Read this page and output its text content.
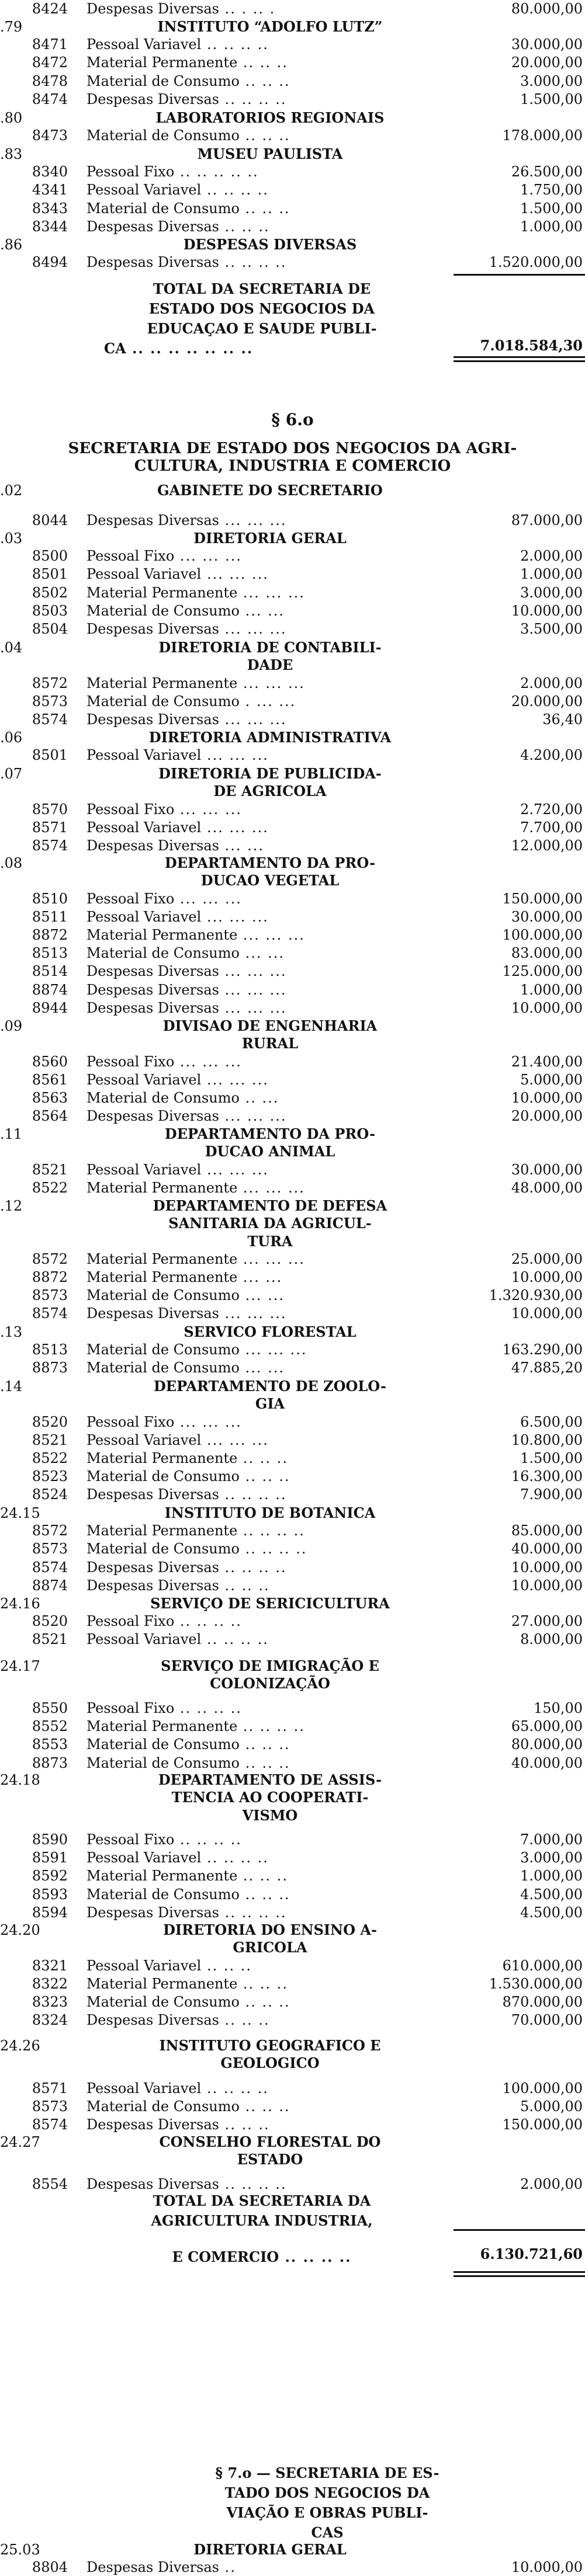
8424 Despesas Diversas .. . .. .	80.000,00
.79	INSTITUTO “ADOLFO LUTZ”
8471 Pessoal Variavel .. .. .. ..	30.000,00
8472 Material Permanente .. .. ..	20.000,00
8478 Material de Consumo .. .. ..	3.000,00
8474 Despesas Diversas .. .. .. ..	1.500,00
.80	LABORATORIOS REGIONAIS
8473 Material de Consumo .. .. ..	178.000,00
.83	MUSEU PAULISTA
8340 Pessoal Fixo .. .. .. .. ..	26.500,00
4341 Pessoal Variavel .. .. .. ..	1.750,00
8343 Material de Consumo .. .. ..	1.500,00
8344 Despesas Diversas .. .. ..	1.000,00
.86	DESPESAS DIVERSAS
8494 Despesas Diversas .. .. .. ..	1.520.000,00
TOTAL DA SECRETARIA DE
ESTADO DOS NEGOCIOS DA
EDUCAÇAO E SAUDE PUBLI-
CA .. .. .. .. .. .. ..	7.018.584,30
§ 6.o
SECRETARIA DE ESTADO DOS NEGOCIOS DA AGRI-
CULTURA, INDUSTRIA E COMERCIO
.02	GABINETE DO SECRETARIO
8044 Despesas Diversas ... ... ...	87.000,00
.03	DIRETORIA GERAL
8500 Pessoal Fixo ... ... ...	2.000,00
8501 Pessoal Variavel ... ... ...	1.000,00
8502 Material Permanente ... ... ...	3.000,00
8503 Material de Consumo ... ...	10.000,00
8504 Despesas Diversas ... ... ...	3.500,00
.04	DIRETORIA DE CONTABILI-
DADE
8572 Material Permanente ... ... ...	2.000,00
8573 Material de Consumo . ... ...	20.000,00
8574 Despesas Diversas ... ... ...	36,40
.06	DIRETORIA ADMINISTRATIVA
8501 Pessoal Variavel ... ... ...	4.200,00
.07	DIRETORIA DE PUBLICIDA-
DE AGRICOLA
8570 Pessoal Fixo ... ... ...	2.720,00
8571 Pessoal Variavel ... ... ...	7.700,00
8574 Despesas Diversas ... ...	12.000,00
.08	DEPARTAMENTO DA PRO-
DUCAO VEGETAL
8510 Pessoal Fixo ... ... ...	150.000,00
8511 Pessoal Variavel ... ... ...	30.000,00
8872 Material Permanente ... ... ...	100.000,00
8513 Material de Consumo ... ...	83.000,00
8514 Despesas Diversas ... ... ...	125.000,00
8874 Despesas Diversas ... ... ...	1.000,00
8944 Despesas Diversas ... ... ...	10.000,00
.09	DIVISAO DE ENGENHARIA
RURAL
8560 Pessoal Fixo ... ... ...	21.400,00
8561 Pessoal Variavel ... ... ...	5.000,00
8563 Material de Consumo .. ...	10.000,00
8564 Despesas Diversas ... ... ...	20.000,00
.11	DEPARTAMENTO DA PRO-
DUCAO ANIMAL
8521 Pessoal Variavel ... ... ...	30.000,00
8522 Material Permanente ... ... ...	48.000,00
.12	DEPARTAMENTO DE DEFESA
SANITARIA DA AGRICUL-
TURA
8572 Material Permanente ... ... ...	25.000,00
8872 Material Permanente ... ...	10.000,00
8573 Material de Consumo ... ...	1.320.930,00
8574 Despesas Diversas ... ... ...	10.000,00
.13	SERVICO FLORESTAL
8513 Material de Consumo ... ... ...	163.290,00
8873 Material de Consumo ... ...	47.885,20
.14	DEPARTAMENTO DE ZOOLO-
GIA
8520 Pessoal Fixo ... ... ...	6.500,00
8521 Pessoal Variavel ... ... ...	10.800,00
8522 Material Permanente .. .. ..	1.500,00
8523 Material de Consumo .. .. ..	16.300,00
8524 Despesas Diversas .. .. .. ..	7.900,00
24.15	INSTITUTO DE BOTANICA
8572 Material Permanente .. .. .. ..	85.000,00
8573 Material de Consumo .. .. .. ..	40.000,00
8574 Despesas Diversas .. .. .. ..	10.000,00
8874 Despesas Diversas .. .. ..	10.000,00
24.16	SERVIÇO DE SERICICULTURA
8520 Pessoal Fixo .. .. .. ..	27.000,00
8521 Pessoal Variavel .. .. .. ..	8.000,00
24.17	SERVIÇO DE IMIGRAÇÃO E
COLONIZAÇÃO
8550 Pessoal Fixo .. .. .. ..	150,00
8552 Material Permanente .. .. .. ..	65.000,00
8553 Material de Consumo .. .. ..	80.000,00
8873 Material de Consumo .. .. ..	40.000,00
24.18	DEPARTAMENTO DE ASSIS-
TENCIA AO COOPERATI-
VISMO
8590 Pessoal Fixo .. .. .. ..	7.000,00
8591 Pessoal Variavel .. .. .. ..	3.000,00
8592 Material Permanente .. .. ..	1.000,00
8593 Material de Consumo .. .. ..	4.500,00
8594 Despesas Diversas .. .. .. ..	4.500,00
24.20	DIRETORIA DO ENSINO A-
GRICOLA
8321 Pessoal Variavel .. .. ..	610.000,00
8322 Material Permanente .. .. ..	1.530.000,00
8323 Material de Consumo .. .. ..	870.000,00
8324 Despesas Diversas .. .. ..	70.000,00
24.26	INSTITUTO GEOGRAFICO E
GEOLOGICO
8571 Pessoal Variavel .. .. .. ..	100.000,00
8573 Material de Consumo .. .. ..	5.000,00
8574 Despesas Diversas .. .. ..	150.000,00
24.27	CONSELHO FLORESTAL DO
ESTADO
8554 Despesas Diversas .. .. .. ..	2.000,00
TOTAL DA SECRETARIA DA
AGRICULTURA INDUSTRIA,
E COMERCIO .. .. .. ..	6.130.721,60
§ 7.o — SECRETARIA DE ES-
TADO DOS NEGOCIOS DA
VIAÇÃO E OBRAS PUBLI-
CAS
25.03	DIRETORIA GERAL
8804 Despesas Diversas ..	10.000,00
